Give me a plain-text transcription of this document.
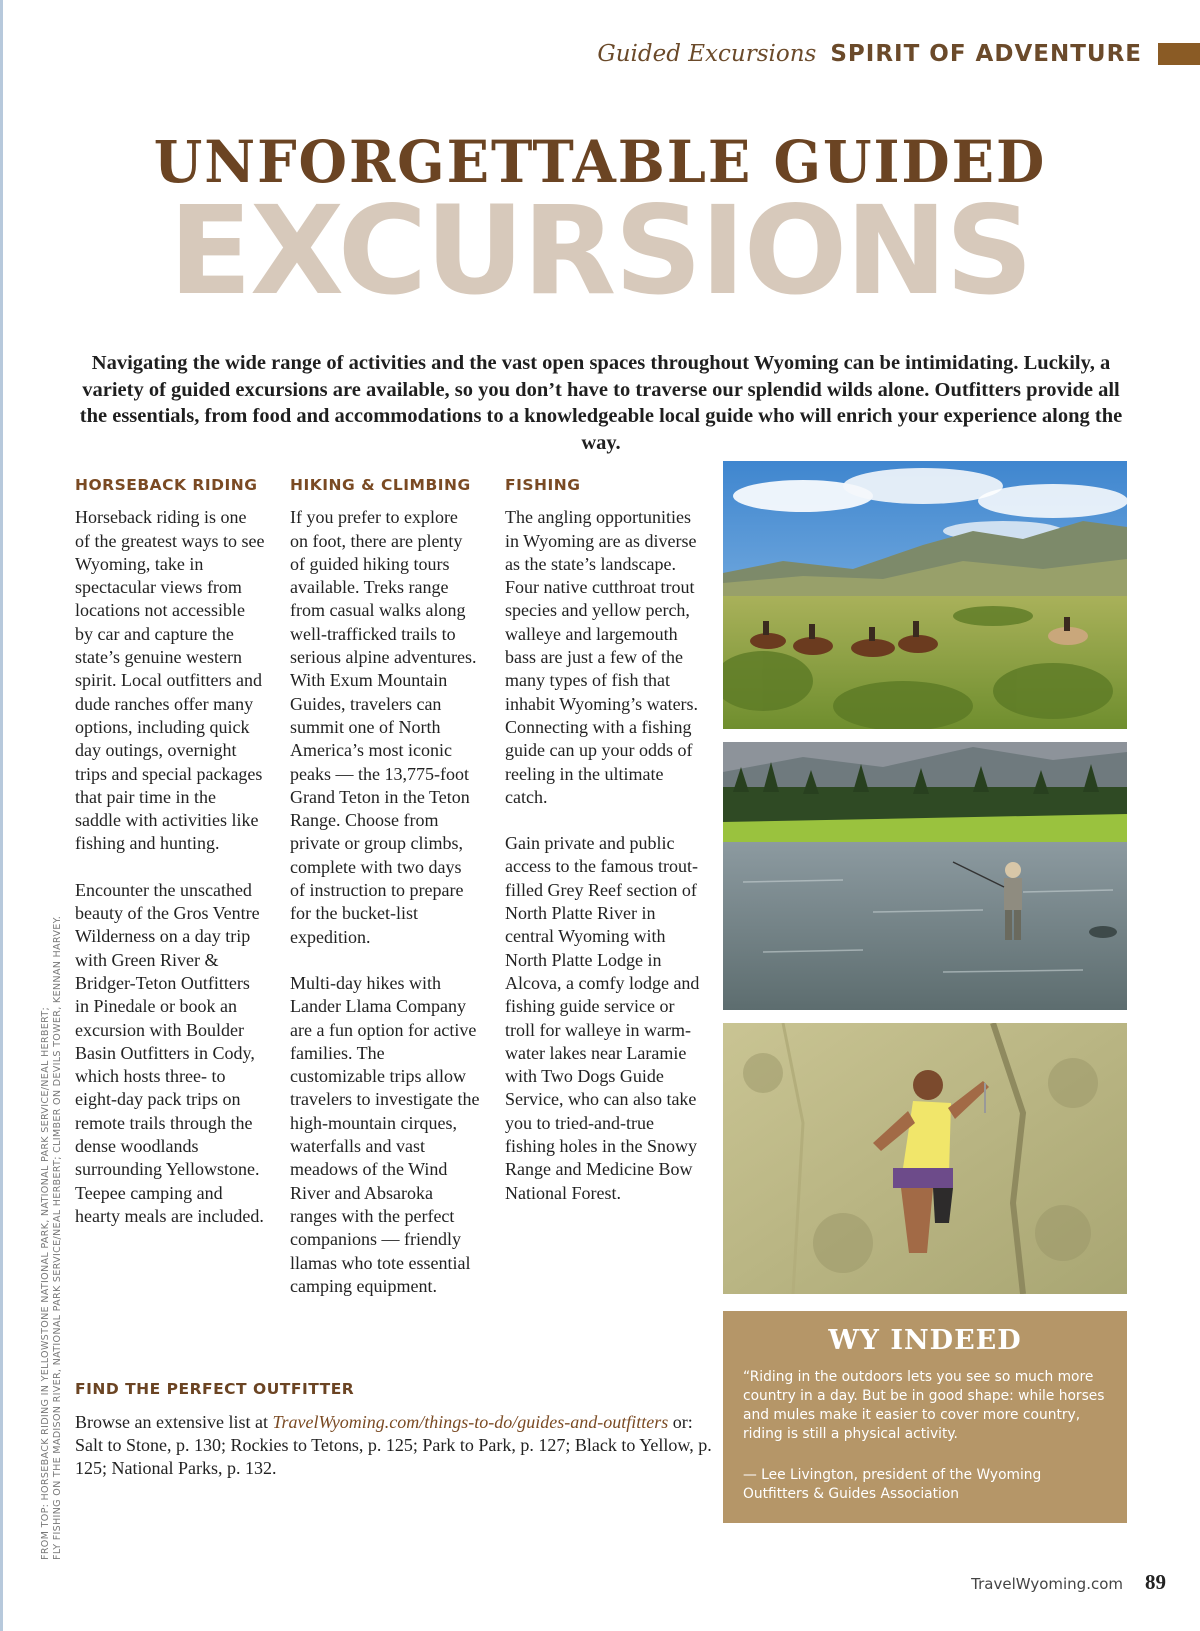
Guided Excursions SPIRIT OF ADVENTURE
UNFORGETTABLE GUIDED
EXCURSIONS
Navigating the wide range of activities and the vast open spaces throughout Wyoming can be intimidating. Luckily, a variety of guided excursions are available, so you don’t have to traverse our splendid wilds alone. Outfitters provide all the essentials, from food and accommodations to a knowledgeable local guide who will enrich your experience along the way.
HORSEBACK RIDING

Horseback riding is one of the greatest ways to see Wyoming, take in spectacular views from locations not accessible by car and capture the state’s genuine western spirit. Local outfitters and dude ranches offer many options, including quick day outings, overnight trips and special packages that pair time in the saddle with activities like fishing and hunting.

Encounter the unscathed beauty of the Gros Ventre Wilderness on a day trip with Green River & Bridger-Teton Outfitters in Pinedale or book an excursion with Boulder Basin Outfitters in Cody, which hosts three- to eight-day pack trips on remote trails through the dense woodlands surrounding Yellowstone. Teepee camping and hearty meals are included.

HIKING & CLIMBING

If you prefer to explore on foot, there are plenty of guided hiking tours available. Treks range from casual walks along well-trafficked trails to serious alpine adventures. With Exum Mountain Guides, travelers can summit one of North America’s most iconic peaks — the 13,775-foot Grand Teton in the Teton Range. Choose from private or group climbs, complete with two days of instruction to prepare for the bucket-list expedition.

Multi-day hikes with Lander Llama Company are a fun option for active families. The customizable trips allow travelers to investigate the high-mountain cirques, waterfalls and vast meadows of the Wind River and Absaroka ranges with the perfect companions — friendly llamas who tote essential camping equipment.

FISHING

The angling opportunities in Wyoming are as diverse as the state’s landscape. Four native cutthroat trout species and yellow perch, walleye and largemouth bass are just a few of the many types of fish that inhabit Wyoming’s waters. Connecting with a fishing guide can up your odds of reeling in the ultimate catch.

Gain private and public access to the famous trout-filled Grey Reef section of North Platte River in central Wyoming with North Platte Lodge in Alcova, a comfy lodge and fishing guide service or troll for walleye in warm-water lakes near Laramie with Two Dogs Guide Service, who can also take you to tried-and-true fishing holes in the Snowy Range and Medicine Bow National Forest.

FIND THE PERFECT OUTFITTER
Browse an extensive list at TravelWyoming.com/things-to-do/guides-and-outfitters or: Salt to Stone, p. 130; Rockies to Tetons, p. 125; Park to Park, p. 127; Black to Yellow, p. 125; National Parks, p. 132.
FROM TOP: HORSEBACK RIDING IN YELLOWSTONE NATIONAL PARK, NATIONAL PARK SERVICE/NEAL HERBERT; FLY FISHING ON THE MADISON RIVER, NATIONAL PARK SERVICE/NEAL HERBERT; CLIMBER ON DEVILS TOWER, KENNAN HARVEY.	WY INDEED
“Riding in the outdoors lets you see so much more country in a day. But be in good shape: while horses and mules make it easier to cover more country, riding is still a physical activity.
— Lee Livington, president of the Wyoming Outfitters & Guides Association
TravelWyoming.com 89
